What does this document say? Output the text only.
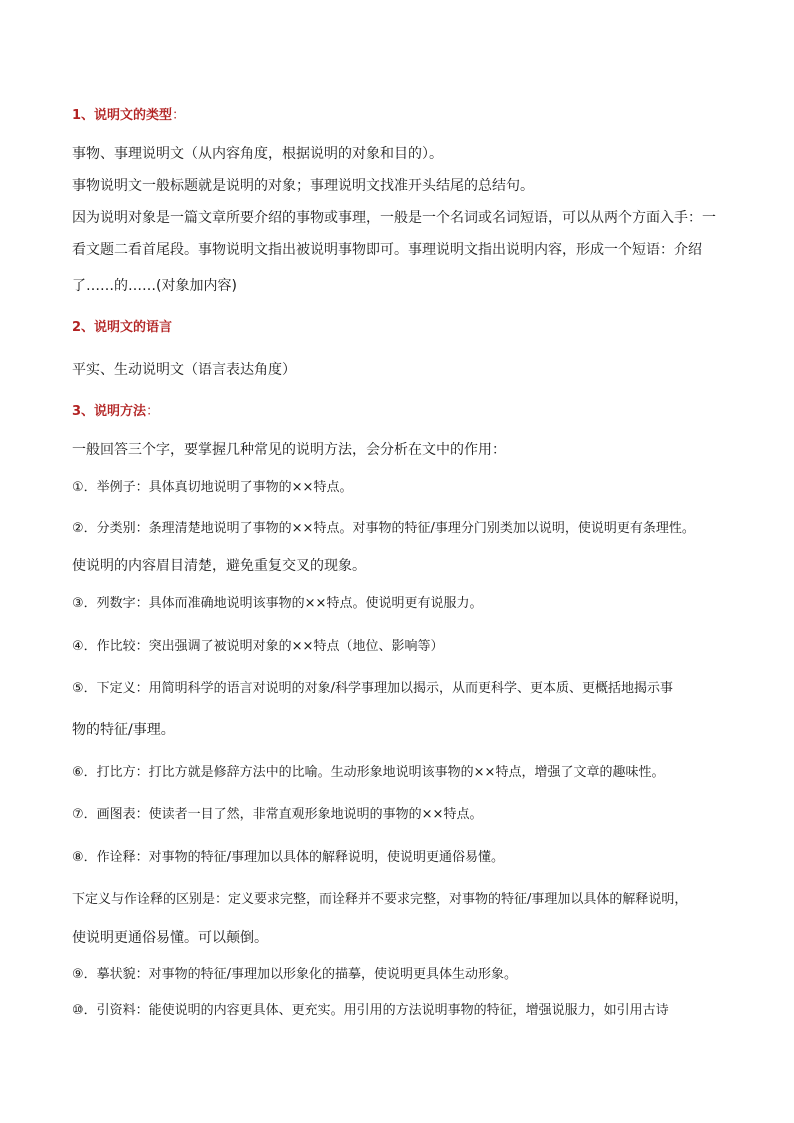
1、说明文的类型：
事物、事理说明文（从内容角度，根据说明的对象和目的）。
事物说明文一般标题就是说明的对象；事理说明文找准开头结尾的总结句。
因为说明对象是一篇文章所要介绍的事物或事理，一般是一个名词或名词短语，可以从两个方面入手：一
看文题二看首尾段。事物说明文指出被说明事物即可。事理说明文指出说明内容，形成一个短语：介绍
了……的……(对象加内容)
2、说明文的语言
平实、生动说明文（语言表达角度）
3、说明方法：
一般回答三个字，要掌握几种常见的说明方法，会分析在文中的作用：
①．举例子：具体真切地说明了事物的××特点。
②．分类别：条理清楚地说明了事物的××特点。对事物的特征/事理分门别类加以说明，使说明更有条理性。
使说明的内容眉目清楚，避免重复交叉的现象。
③．列数字：具体而准确地说明该事物的××特点。使说明更有说服力。
④．作比较：突出强调了被说明对象的××特点（地位、影响等）
⑤．下定义：用简明科学的语言对说明的对象/科学事理加以揭示，从而更科学、更本质、更概括地揭示事
物的特征/事理。
⑥．打比方：打比方就是修辞方法中的比喻。生动形象地说明该事物的××特点，增强了文章的趣味性。
⑦．画图表：使读者一目了然，非常直观形象地说明的事物的××特点。
⑧．作诠释：对事物的特征/事理加以具体的解释说明，使说明更通俗易懂。
下定义与作诠释的区别是：定义要求完整，而诠释并不要求完整，对事物的特征/事理加以具体的解释说明，
使说明更通俗易懂。可以颠倒。
⑨．摹状貌：对事物的特征/事理加以形象化的描摹，使说明更具体生动形象。
⑩．引资料：能使说明的内容更具体、更充实。用引用的方法说明事物的特征，增强说服力，如引用古诗
